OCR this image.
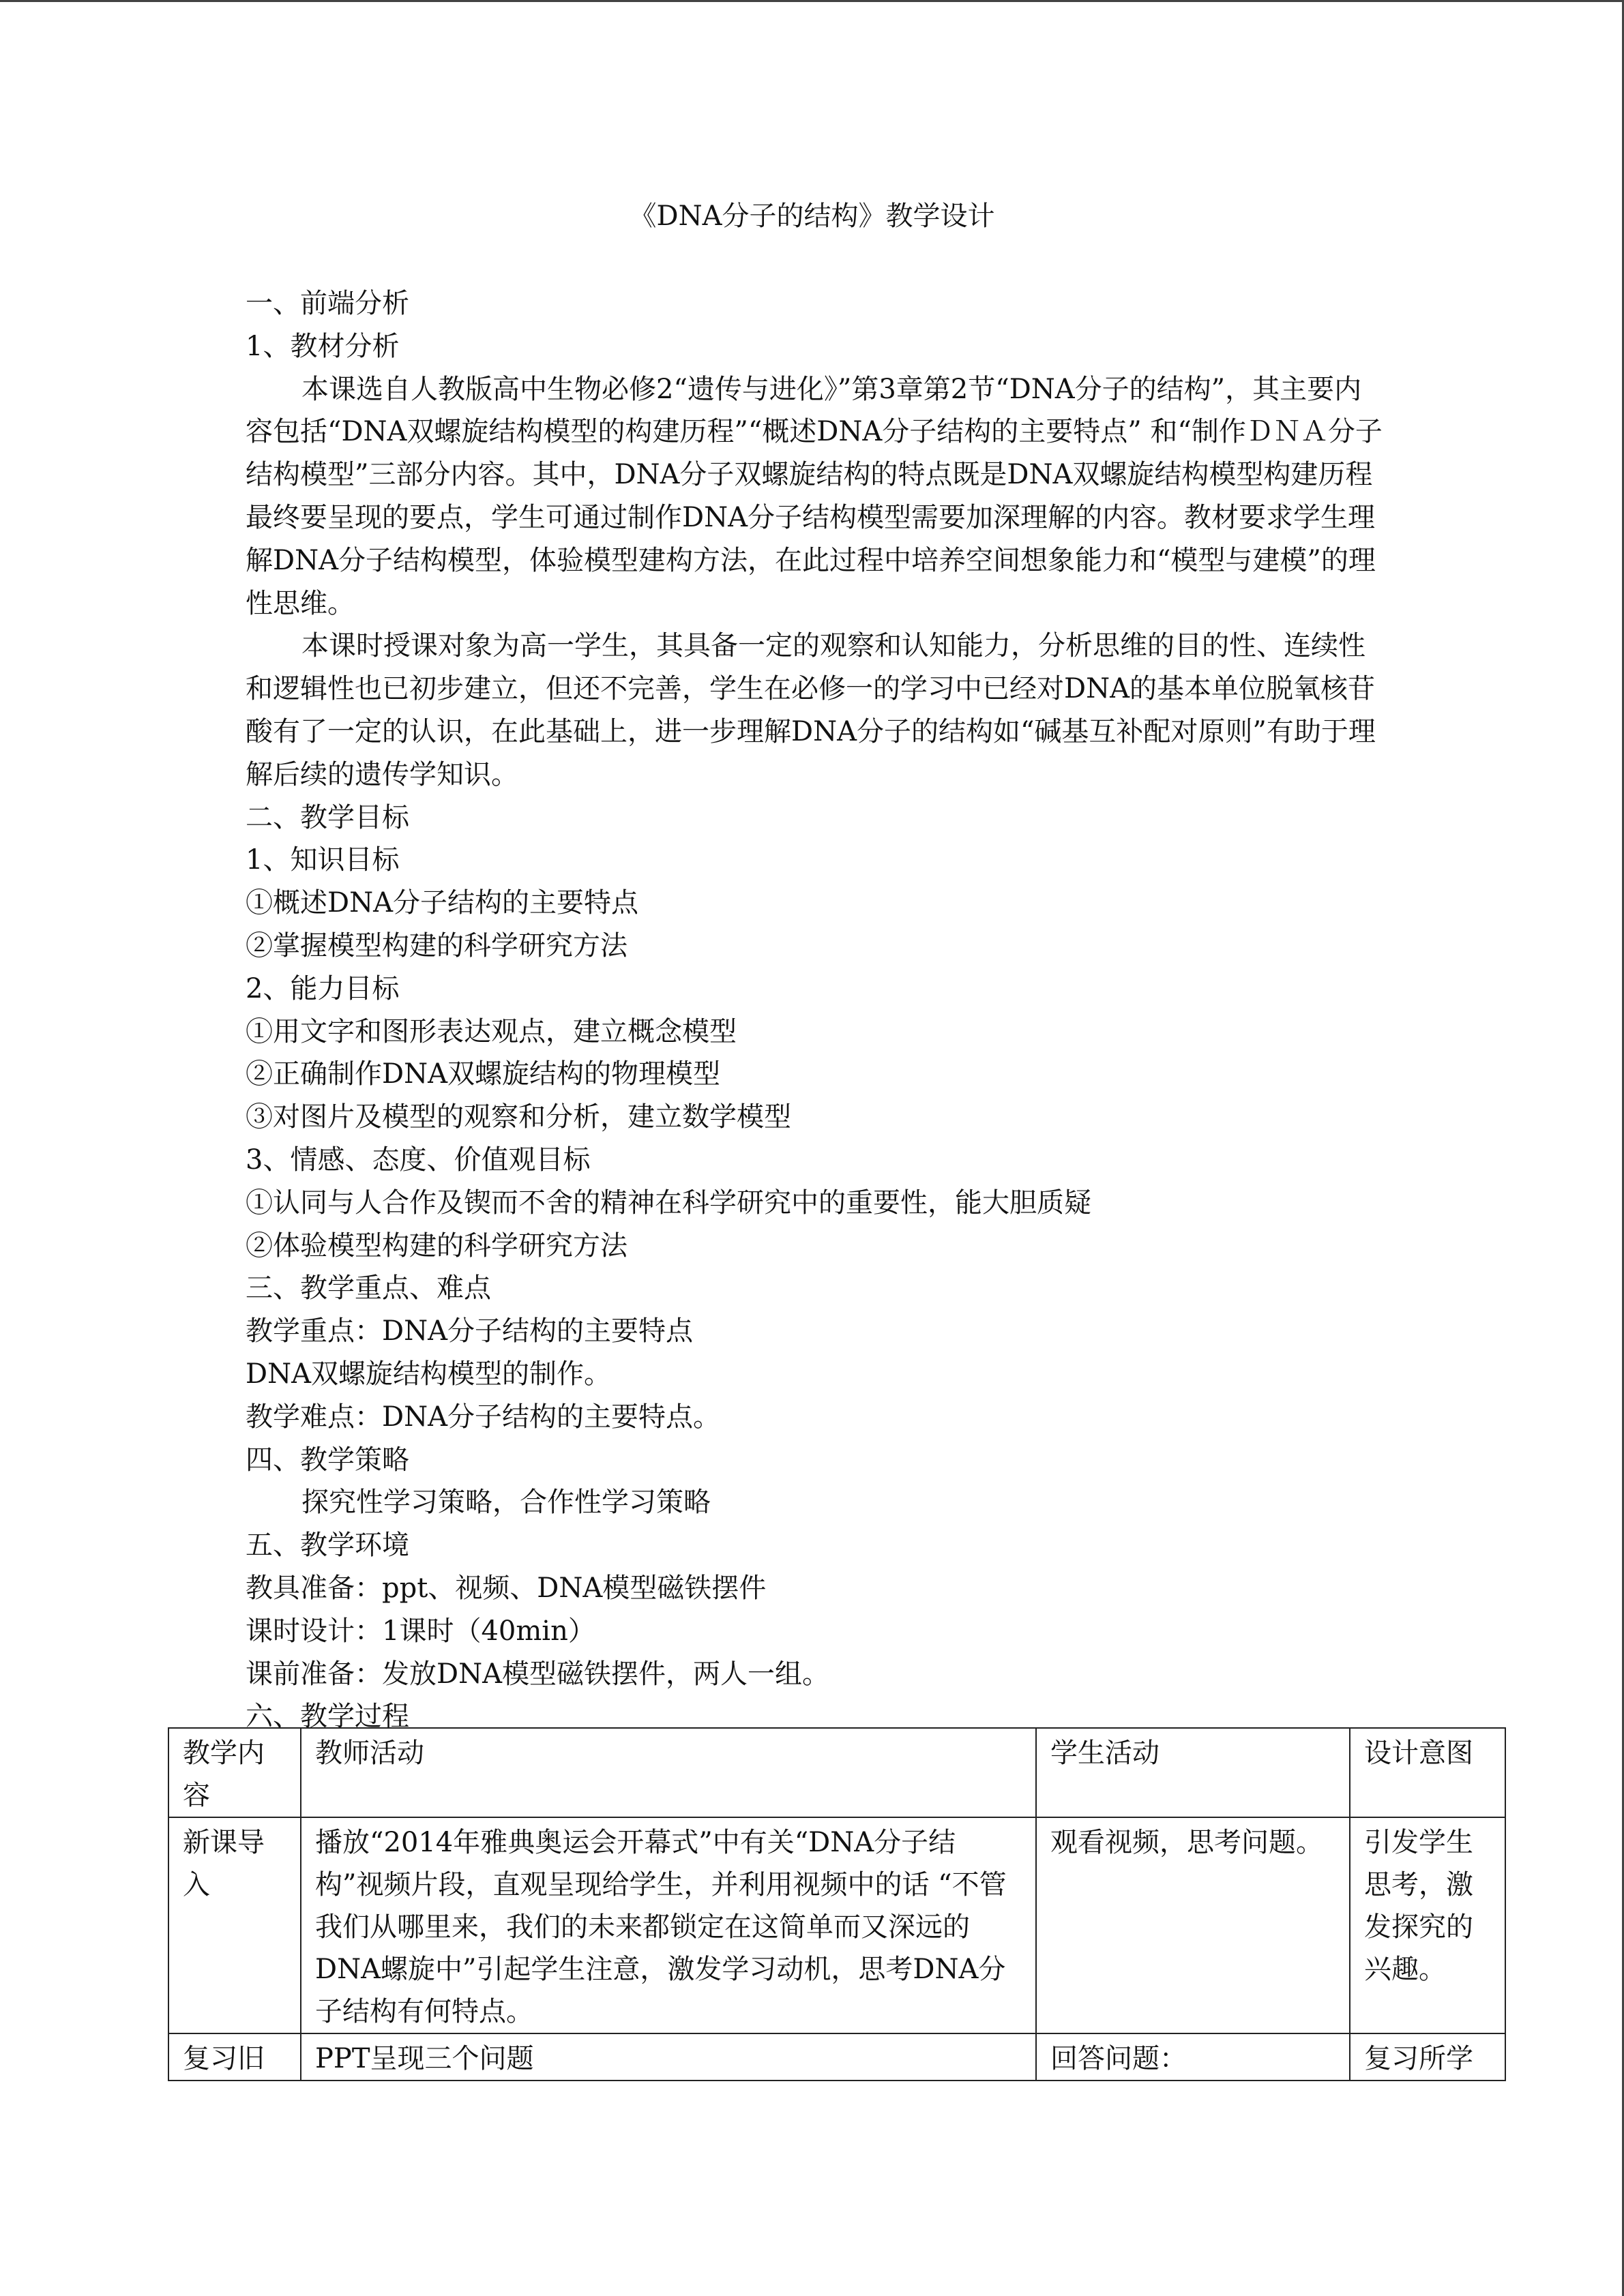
《DNA分子的结构》教学设计

一、前端分析

1、教材分析

本课选自人教版高中生物必修2“遗传与进化》”第3章第2节“DNA分子的结构”，其主要内容包括“DNA双螺旋结构模型的构建历程”“概述DNA分子结构的主要特点” 和“制作ＤＮＡ分子结构模型”三部分内容。其中，DNA分子双螺旋结构的特点既是DNA双螺旋结构模型构建历程最终要呈现的要点，学生可通过制作DNA分子结构模型需要加深理解的内容。教材要求学生理解DNA分子结构模型，体验模型建构方法，在此过程中培养空间想象能力和“模型与建模”的理性思维。

本课时授课对象为高一学生，其具备一定的观察和认知能力，分析思维的目的性、连续性和逻辑性也已初步建立，但还不完善，学生在必修一的学习中已经对DNA的基本单位脱氧核苷酸有了一定的认识，在此基础上，进一步理解DNA分子的结构如“碱基互补配对原则”有助于理解后续的遗传学知识。

二、教学目标

1、知识目标

①概述DNA分子结构的主要特点

②掌握模型构建的科学研究方法

2、能力目标

①用文字和图形表达观点，建立概念模型

②正确制作DNA双螺旋结构的物理模型

③对图片及模型的观察和分析，建立数学模型

3、情感、态度、价值观目标

①认同与人合作及锲而不舍的精神在科学研究中的重要性，能大胆质疑

②体验模型构建的科学研究方法

三、教学重点、难点

教学重点：DNA分子结构的主要特点

DNA双螺旋结构模型的制作。

教学难点：DNA分子结构的主要特点。

四、教学策略

探究性学习策略，合作性学习策略

五、教学环境

教具准备：ppt、视频、DNA模型磁铁摆件

课时设计：1课时（40min）

课前准备：发放DNA模型磁铁摆件，两人一组。

六、教学过程

教学内容	教师活动	学生活动	设计意图
新课导入	播放“2014年雅典奥运会开幕式”中有关“DNA分子结构”视频片段，直观呈现给学生，并利用视频中的话 “不管我们从哪里来，我们的未来都锁定在这简单而又深远的DNA螺旋中”引起学生注意，激发学习动机，思考DNA分子结构有何特点。	观看视频，思考问题。	引发学生思考，激发探究的兴趣。
复习旧	PPT呈现三个问题	回答问题：	复习所学
